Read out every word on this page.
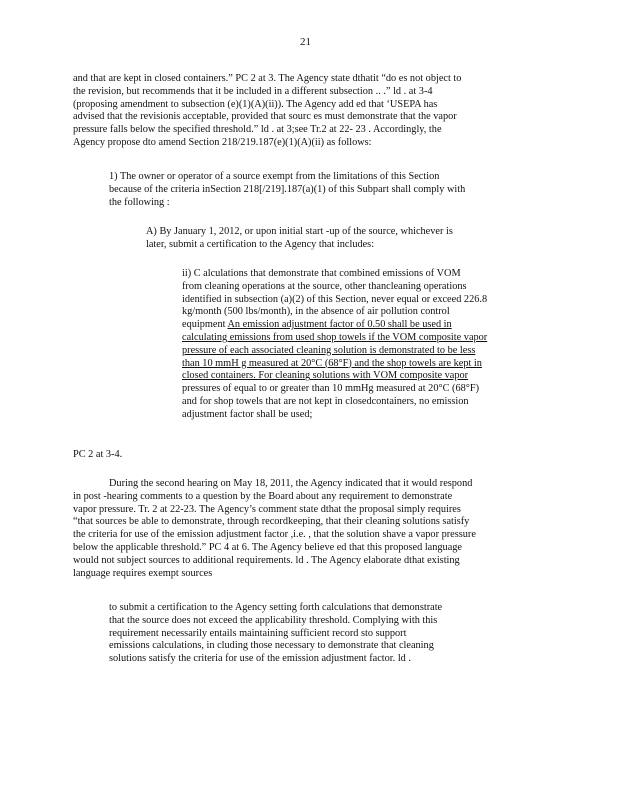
21
and that are kept in closed containers.” PC 2 at 3. The Agency state dthatit “do es not object to
the revision, but recommends that it be included in a different subsection .. .” ld . at 3-4
(proposing amendment to subsection (e)(1)(A)(ii)). The Agency add ed that ‘USEPA has
advised that the revisionis acceptable, provided that sourc es must demonstrate that the vapor
pressure falls below the specified threshold.” ld . at 3;see Tr.2 at 22- 23 . Accordingly, the
Agency propose dto amend Section 218/219.187(e)(1)(A)(ii) as follows:
1) The owner or operator of a source exempt from the limitations of this Section
because of the criteria inSection 218[/219].187(a)(1) of this Subpart shall comply with
the following :
A) By January 1, 2012, or upon initial start -up of the source, whichever is
later, submit a certification to the Agency that includes:
ii) C alculations that demonstrate that combined emissions of VOM
from cleaning operations at the source, other thancleaning operations
identified in subsection (a)(2) of this Section, never equal or exceed 226.8
kg/month (500 lbs/month), in the absence of air pollution control
equipment An emission adjustment factor of 0.50 shall be used in
calculating emissions from used shop towels if the VOM composite vapor
pressure of each associated cleaning solution is demonstrated to be less
than 10 mmH g measured at 20°C (68°F) and the shop towels are kept in
closed containers. For cleaning solutions with VOM composite vapor
pressures of equal to or greater than 10 mmHg measured at 20°C (68°F)
and for shop towels that are not kept in closedcontainers, no emission
adjustment factor shall be used;
PC 2 at 3-4.
During the second hearing on May 18, 2011, the Agency indicated that it would respond
in post -hearing comments to a question by the Board about any requirement to demonstrate
vapor pressure. Tr. 2 at 22-23. The Agency’s comment state dthat the proposal simply requires
“that sources be able to demonstrate, through recordkeeping, that their cleaning solutions satisfy
the criteria for use of the emission adjustment factor ,i.e. , that the solution shave a vapor pressure
below the applicable threshold.” PC 4 at 6. The Agency believe ed that this proposed language
would not subject sources to additional requirements. ld . The Agency elaborate dthat existing
language requires exempt sources
to submit a certification to the Agency setting forth calculations that demonstrate
that the source does not exceed the applicability threshold. Complying with this
requirement necessarily entails maintaining sufficient record sto support
emissions calculations, in cluding those necessary to demonstrate that cleaning
solutions satisfy the criteria for use of the emission adjustment factor. ld .
